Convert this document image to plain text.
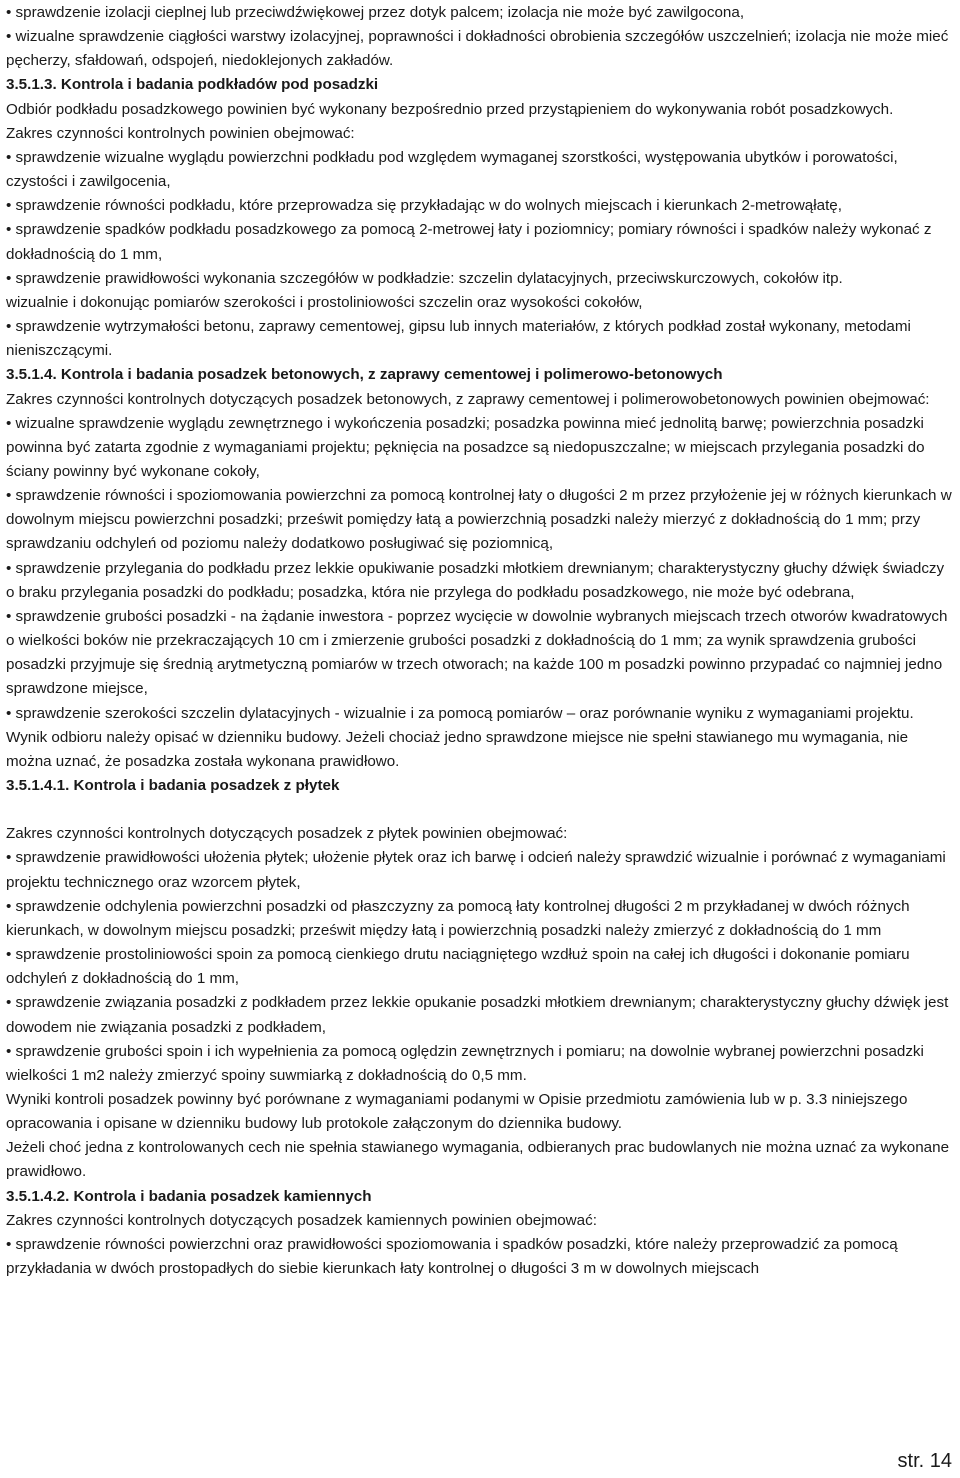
• sprawdzenie izolacji cieplnej lub przeciwdźwiękowej przez dotyk palcem; izolacja nie może być zawilgocona,

• wizualne sprawdzenie ciągłości warstwy izolacyjnej, poprawności i dokładności obrobienia szczegółów uszczelnień; izolacja nie może mieć pęcherzy, sfałdowań, odspojeń, niedoklejonych zakładów.

3.5.1.3. Kontrola i badania podkładów pod posadzki

Odbiór podkładu posadzkowego powinien być wykonany bezpośrednio przed przystąpieniem do wykonywania robót posadzkowych.

Zakres czynności kontrolnych powinien obejmować:

• sprawdzenie wizualne wyglądu powierzchni podkładu pod względem wymaganej szorstkości, występowania ubytków i porowatości, czystości i zawilgocenia,

• sprawdzenie równości podkładu, które przeprowadza się przykładając w do wolnych miejscach i kierunkach 2-metrowąłatę,

• sprawdzenie spadków podkładu posadzkowego za pomocą 2-metrowej łaty i poziomnicy; pomiary równości i spadków należy wykonać z dokładnością do 1 mm,

• sprawdzenie prawidłowości wykonania szczegółów w podkładzie: szczelin dylatacyjnych, przeciwskurczowych, cokołów itp.

wizualnie i dokonując pomiarów szerokości i prostoliniowości szczelin oraz wysokości cokołów,

• sprawdzenie wytrzymałości betonu, zaprawy cementowej, gipsu lub innych materiałów, z których podkład został wykonany, metodami nieniszczącymi.

3.5.1.4. Kontrola i badania posadzek betonowych, z zaprawy cementowej i polimerowo-betonowych

Zakres czynności kontrolnych dotyczących posadzek betonowych, z zaprawy cementowej i polimerowobetonowych powinien obejmować:

• wizualne sprawdzenie wyglądu zewnętrznego i wykończenia posadzki; posadzka powinna mieć jednolitą barwę; powierzchnia posadzki powinna być zatarta zgodnie z wymaganiami projektu; pęknięcia na posadzce są niedopuszczalne; w miejscach przylegania posadzki do ściany powinny być wykonane cokoły,

• sprawdzenie równości i spoziomowania powierzchni za pomocą kontrolnej łaty o długości 2 m przez przyłożenie jej w różnych kierunkach w dowolnym miejscu powierzchni posadzki; prześwit pomiędzy łatą a powierzchnią posadzki należy mierzyć z dokładnością do 1 mm; przy sprawdzaniu odchyleń od poziomu należy dodatkowo posługiwać się poziomnicą,

• sprawdzenie przylegania do podkładu przez lekkie opukiwanie posadzki młotkiem drewnianym; charakterystyczny głuchy dźwięk świadczy o braku przylegania posadzki do podkładu; posadzka, która nie przylega do podkładu posadzkowego, nie może być odebrana,

• sprawdzenie grubości posadzki - na żądanie inwestora - poprzez wycięcie w dowolnie wybranych miejscach trzech otworów kwadratowych o wielkości boków nie przekraczających 10 cm i zmierzenie grubości posadzki z dokładnością do 1 mm; za wynik sprawdzenia grubości posadzki przyjmuje się średnią arytmetyczną pomiarów w trzech otworach; na każde 100 m posadzki powinno przypadać co najmniej jedno sprawdzone miejsce,

• sprawdzenie szerokości szczelin dylatacyjnych - wizualnie i za pomocą pomiarów – oraz porównanie wyniku z wymaganiami projektu.

Wynik odbioru należy opisać w dzienniku budowy. Jeżeli chociaż jedno sprawdzone miejsce nie spełni stawianego mu wymagania, nie można uznać, że posadzka została wykonana prawidłowo.

3.5.1.4.1. Kontrola i badania posadzek z płytek

Zakres czynności kontrolnych dotyczących posadzek z płytek powinien obejmować:

• sprawdzenie prawidłowości ułożenia płytek; ułożenie płytek oraz ich barwę i odcień należy sprawdzić wizualnie i porównać z wymaganiami projektu technicznego oraz wzorcem płytek,

• sprawdzenie odchylenia powierzchni posadzki od płaszczyzny za pomocą łaty kontrolnej długości 2 m przykładanej w dwóch różnych kierunkach, w dowolnym miejscu posadzki; prześwit między łatą i powierzchnią posadzki należy zmierzyć z dokładnością do 1 mm

• sprawdzenie prostoliniowości spoin za pomocą cienkiego drutu naciągniętego wzdłuż spoin na całej ich długości i dokonanie pomiaru odchyleń z dokładnością do 1 mm,

• sprawdzenie związania posadzki z podkładem przez lekkie opukanie posadzki młotkiem drewnianym; charakterystyczny głuchy dźwięk jest dowodem nie związania posadzki z podkładem,

• sprawdzenie grubości spoin i ich wypełnienia za pomocą oględzin zewnętrznych i pomiaru; na dowolnie wybranej powierzchni posadzki wielkości 1 m2 należy zmierzyć spoiny suwmiarką z dokładnością do 0,5 mm.

Wyniki kontroli posadzek powinny być porównane z wymaganiami podanymi w Opisie przedmiotu zamówienia lub w p. 3.3 niniejszego opracowania i opisane w dzienniku budowy lub protokole załączonym do dziennika budowy.

Jeżeli choć jedna z kontrolowanych cech nie spełnia stawianego wymagania, odbieranych prac budowlanych nie można uznać za wykonane prawidłowo.

3.5.1.4.2. Kontrola i badania posadzek kamiennych

Zakres czynności kontrolnych dotyczących posadzek kamiennych powinien obejmować:

• sprawdzenie równości powierzchni oraz prawidłowości spoziomowania i spadków posadzki, które należy przeprowadzić za pomocą przykładania w dwóch prostopadłych do siebie kierunkach łaty kontrolnej o długości 3 m w dowolnych miejscach

str. 14
